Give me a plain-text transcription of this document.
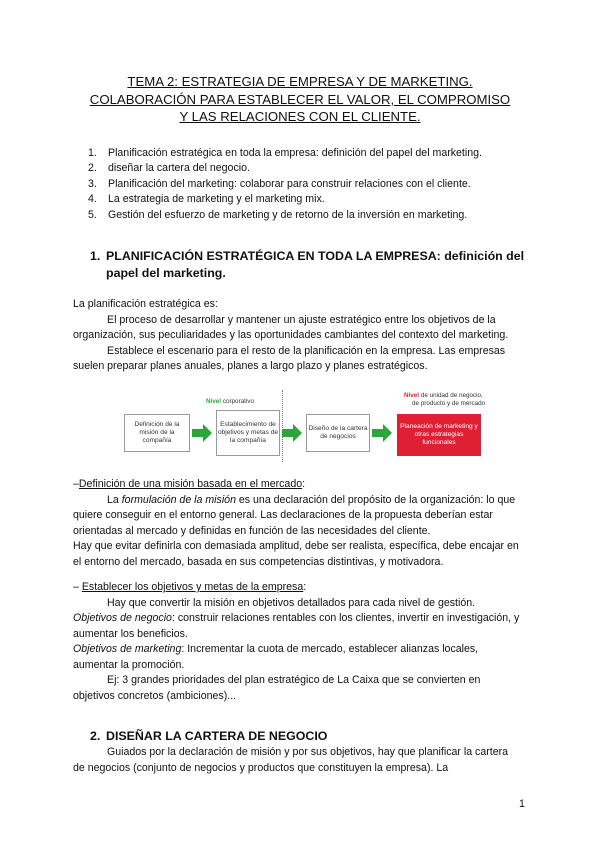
TEMA 2: ESTRATEGIA DE EMPRESA Y DE MARKETING.
COLABORACIÓN PARA ESTABLECER EL VALOR, EL COMPROMISO
Y LAS RELACIONES CON EL CLIENTE.
1. Planificación estratégica en toda la empresa: definición del papel del marketing.
2. diseñar la cartera del negocio.
3. Planificación del marketing: colaborar para construir relaciones con el cliente.
4. La estrategia de marketing y el marketing mix.
5. Gestión del esfuerzo de marketing y de retorno de la inversión en marketing.
1. PLANIFICACIÓN ESTRATÉGICA EN TODA LA EMPRESA: definición del papel del marketing.

La planificación estratégica es:

El proceso de desarrollar y mantener un ajuste estratégico entre los objetivos de la organización, sus peculiaridades y las oportunidades cambiantes del contexto del marketing.

Establece el escenario para el resto de la planificación en la empresa. Las empresas suelen preparar planes anuales, planes a largo plazo y planes estratégicos.

Nivel corporativo
Nivel de unidad de negocio,
de producto y de mercado
Definición de la misión de la compañía
Establecimiento de objetivos y metas de la compañía
Diseño de la cartera de negocios
Planeación de marketing y otras estrategias funcionales

–Definición de una misión basada en el mercado:

La formulación de la misión es una declaración del propósito de la organización: lo que quiere conseguir en el entorno general. Las declaraciones de la propuesta deberían estar orientadas al mercado y definidas en función de las necesidades del cliente.

Hay que evitar definirla con demasiada amplitud, debe ser realista, específica, debe encajar en el entorno del mercado, basada en sus competencias distintivas, y motivadora.

– Establecer los objetivos y metas de la empresa:

Hay que convertir la misión en objetivos detallados para cada nivel de gestión.

Objetivos de negocio: construir relaciones rentables con los clientes, invertir en investigación, y aumentar los beneficios.

Objetivos de marketing: Incrementar la cuota de mercado, establecer alianzas locales, aumentar la promoción.

Ej: 3 grandes prioridades del plan estratégico de La Caixa que se convierten en objetivos concretos (ambiciones)...

2. DISEÑAR LA CARTERA DE NEGOCIO

Guiados por la declaración de misión y por sus objetivos, hay que planificar la cartera de negocios (conjunto de negocios y productos que constituyen la empresa). La

1
